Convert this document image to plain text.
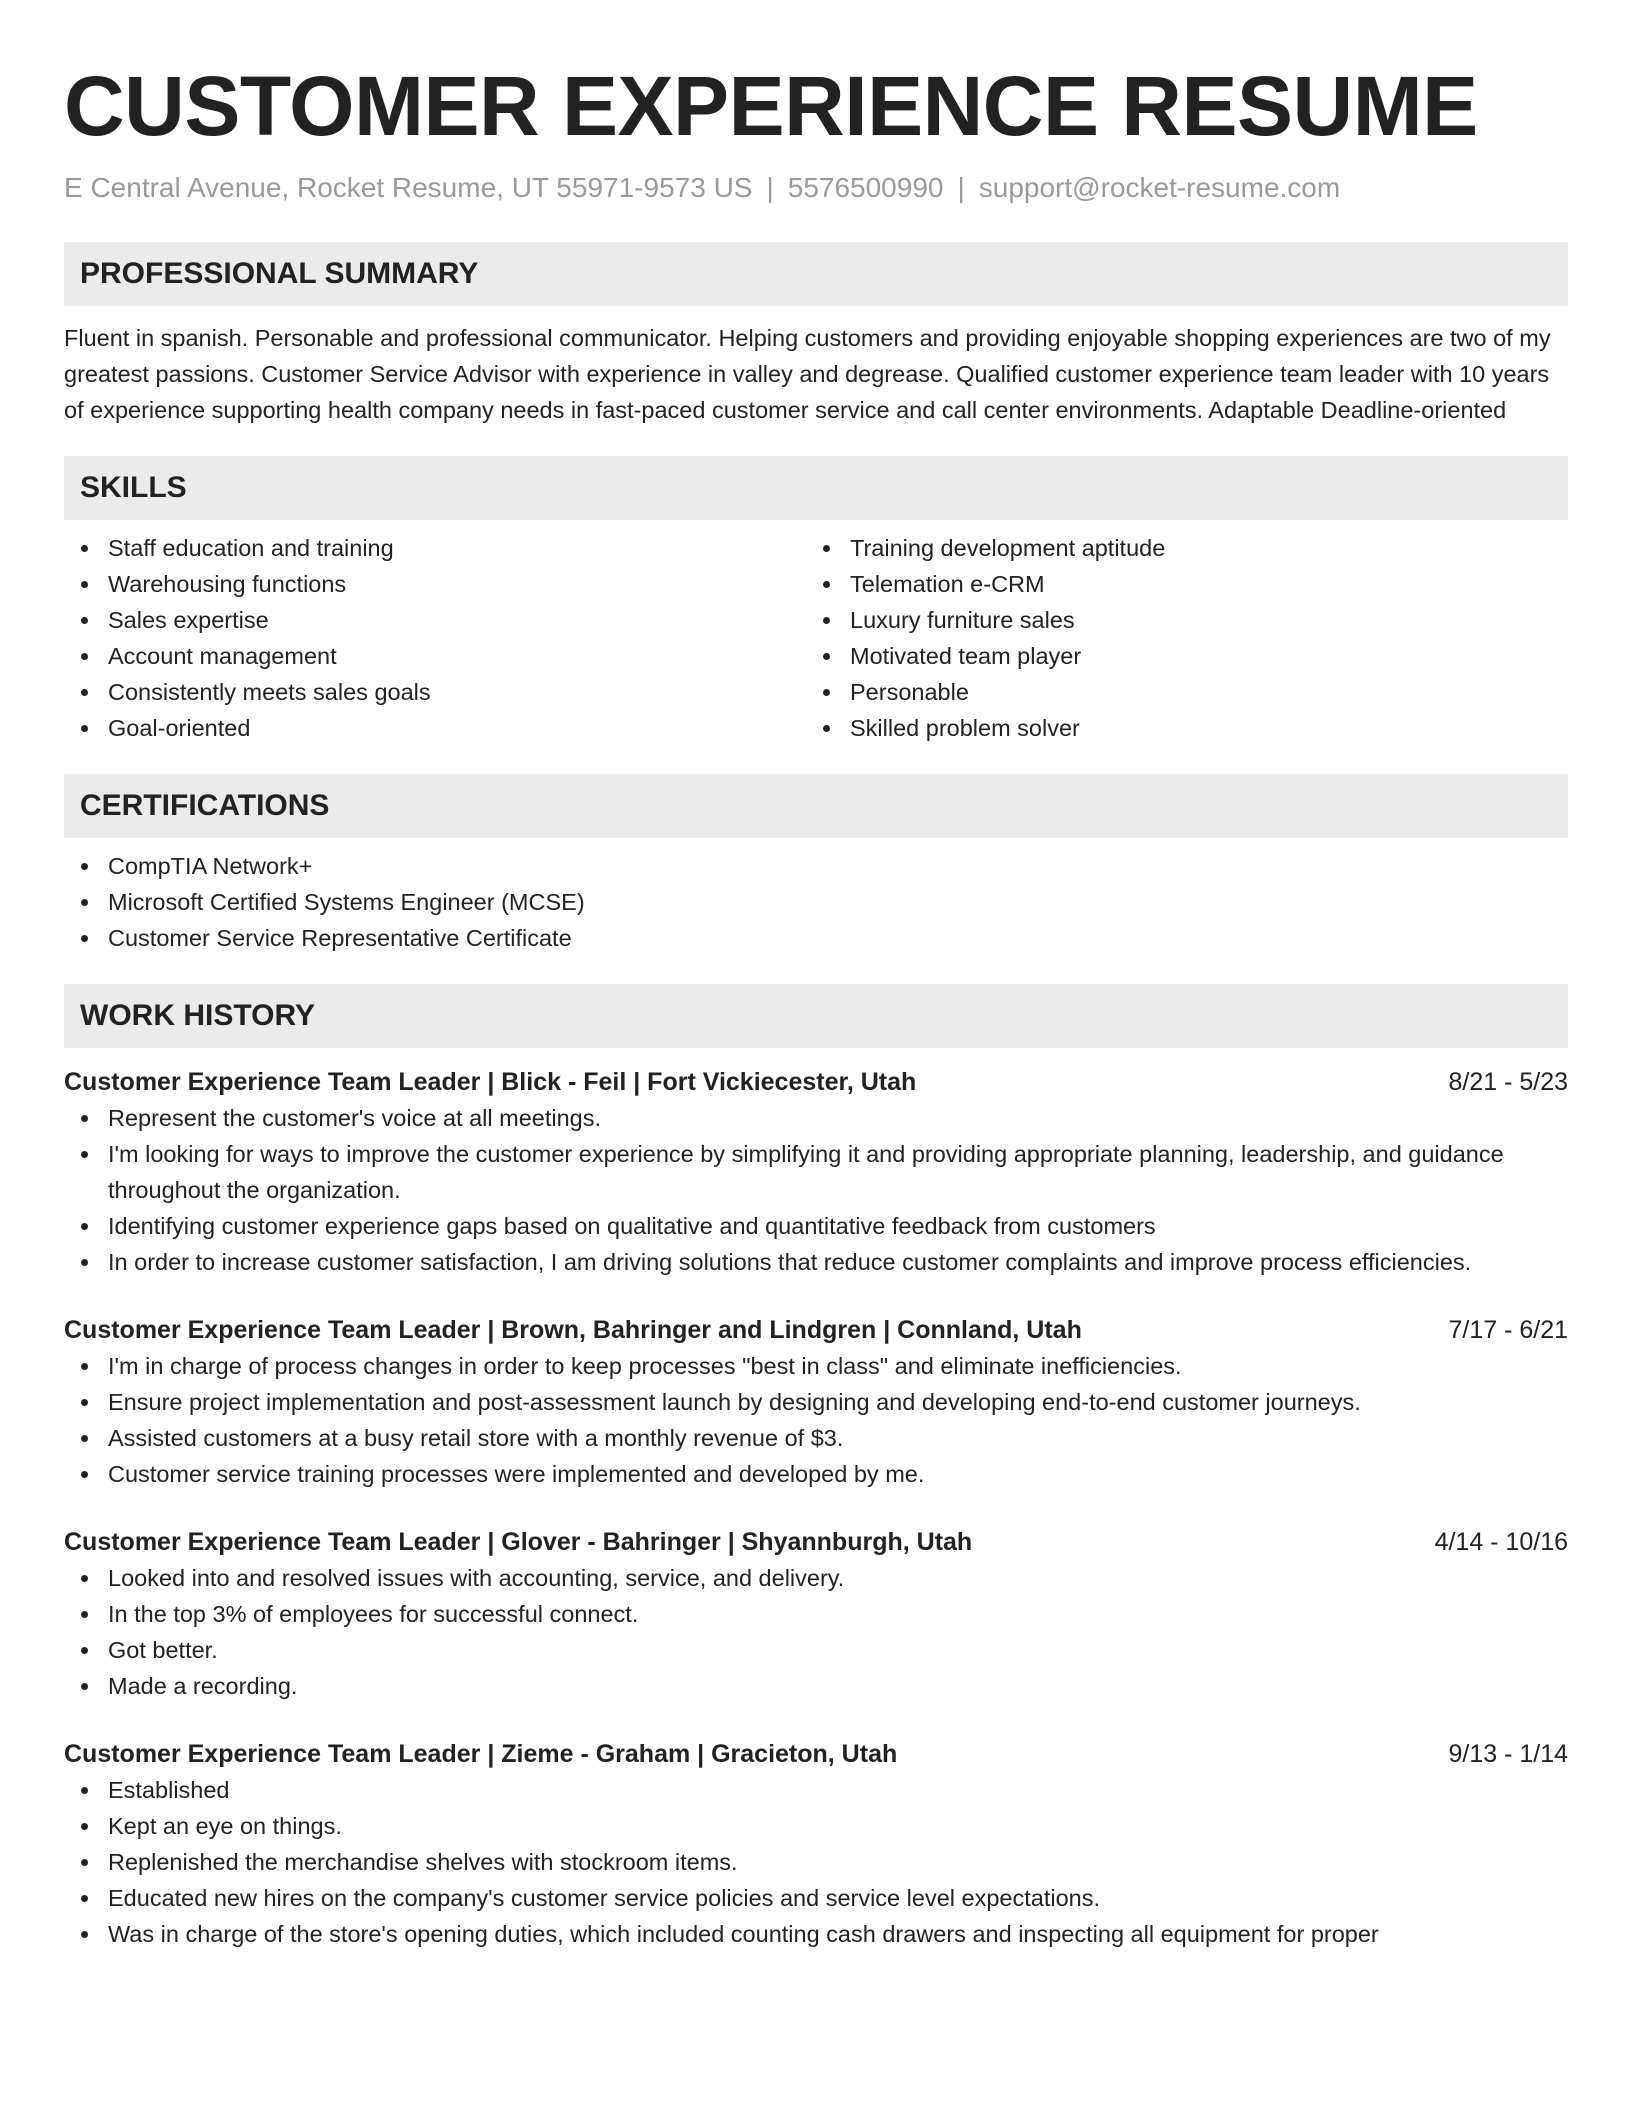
CUSTOMER EXPERIENCE RESUME
E Central Avenue, Rocket Resume, UT 55971-9573 US | 5576500990 | support@rocket-resume.com
PROFESSIONAL SUMMARY

Fluent in spanish. Personable and professional communicator. Helping customers and providing enjoyable shopping experiences are two of my greatest passions. Customer Service Advisor with experience in valley and degrease. Qualified customer experience team leader with 10 years of experience supporting health company needs in fast-paced customer service and call center environments. Adaptable Deadline-oriented

SKILLS
Staff education and training
Warehousing functions
Sales expertise
Account management
Consistently meets sales goals
Goal-oriented
Training development aptitude
Telemation e-CRM
Luxury furniture sales
Motivated team player
Personable
Skilled problem solver
CERTIFICATIONS
CompTIA Network+
Microsoft Certified Systems Engineer (MCSE)
Customer Service Representative Certificate
WORK HISTORY
Customer Experience Team Leader | Blick - Feil | Fort Vickiecester, Utah	8/21 - 5/23
Represent the customer's voice at all meetings.
I'm looking for ways to improve the customer experience by simplifying it and providing appropriate planning, leadership, and guidance throughout the organization.
Identifying customer experience gaps based on qualitative and quantitative feedback from customers
In order to increase customer satisfaction, I am driving solutions that reduce customer complaints and improve process efficiencies.
Customer Experience Team Leader | Brown, Bahringer and Lindgren | Connland, Utah	7/17 - 6/21
I'm in charge of process changes in order to keep processes "best in class" and eliminate inefficiencies.
Ensure project implementation and post-assessment launch by designing and developing end-to-end customer journeys.
Assisted customers at a busy retail store with a monthly revenue of $3.
Customer service training processes were implemented and developed by me.
Customer Experience Team Leader | Glover - Bahringer | Shyannburgh, Utah	4/14 - 10/16
Looked into and resolved issues with accounting, service, and delivery.
In the top 3% of employees for successful connect.
Got better.
Made a recording.
Customer Experience Team Leader | Zieme - Graham | Gracieton, Utah	9/13 - 1/14
Established
Kept an eye on things.
Replenished the merchandise shelves with stockroom items.
Educated new hires on the company's customer service policies and service level expectations.
Was in charge of the store's opening duties, which included counting cash drawers and inspecting all equipment for proper
